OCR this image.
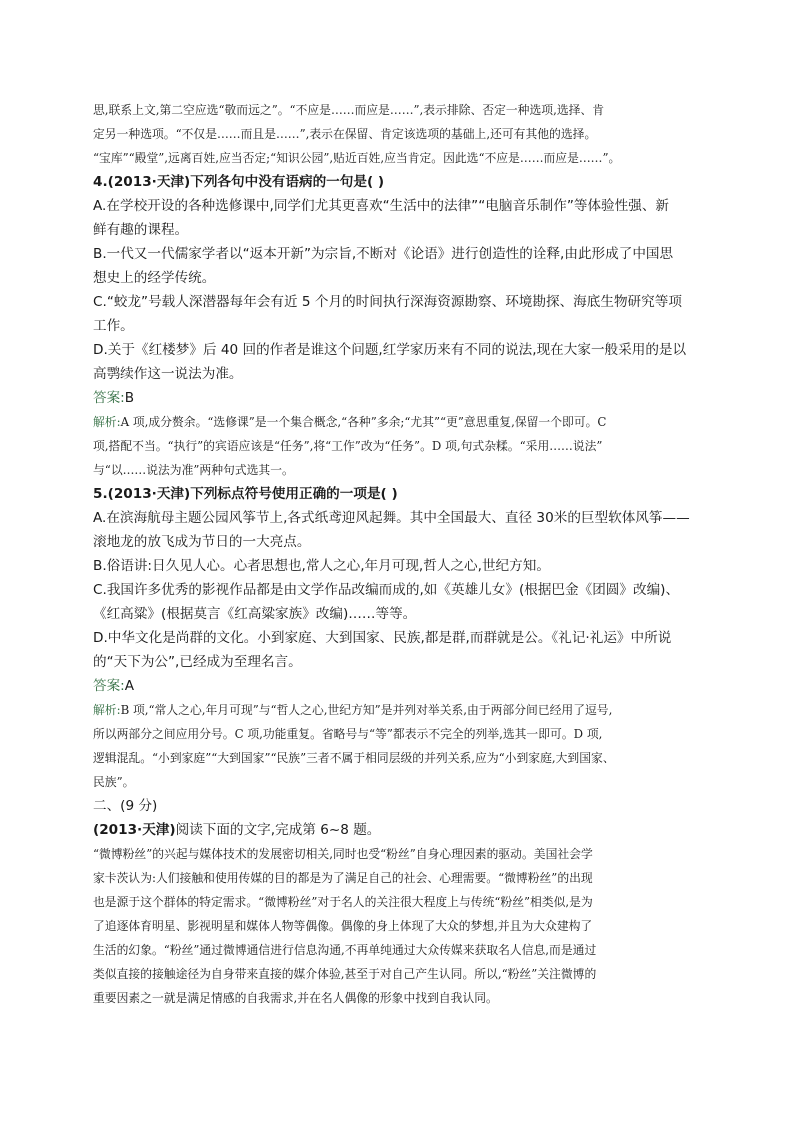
思,联系上文,第二空应选“敬而远之”。“不应是……而应是……”,表示排除、否定一种选项,选择、肯
定另一种选项。“不仅是……而且是……”,表示在保留、肯定该选项的基础上,还可有其他的选择。
“宝库”“殿堂”,远离百姓,应当否定;“知识公园”,贴近百姓,应当肯定。因此选“不应是……而应是……”。
4.(2013·天津)下列各句中没有语病的一句是( )
A.在学校开设的各种选修课中,同学们尤其更喜欢“生活中的法律”“电脑音乐制作”等体验性强、新
鲜有趣的课程。
B.一代又一代儒家学者以“返本开新”为宗旨,不断对《论语》进行创造性的诠释,由此形成了中国思
想史上的经学传统。
C.“蛟龙”号载人深潜器每年会有近 5 个月的时间执行深海资源勘察、环境勘探、海底生物研究等项
工作。
D.关于《红楼梦》后 40 回的作者是谁这个问题,红学家历来有不同的说法,现在大家一般采用的是以
高鹗续作这一说法为准。
答案:B
解析:A 项,成分赘余。“选修课”是一个集合概念,“各种”多余;“尤其”“更”意思重复,保留一个即可。C
项,搭配不当。“执行”的宾语应该是“任务”,将“工作”改为“任务”。D 项,句式杂糅。“采用……说法”
与“以……说法为准”两种句式选其一。
5.(2013·天津)下列标点符号使用正确的一项是( )
A.在滨海航母主题公园风筝节上,各式纸鸢迎风起舞。其中全国最大、直径 30米的巨型软体风筝——
滚地龙的放飞成为节日的一大亮点。
B.俗语讲:日久见人心。心者思想也,常人之心,年月可现,哲人之心,世纪方知。
C.我国许多优秀的影视作品都是由文学作品改编而成的,如《英雄儿女》(根据巴金《团圆》改编)、
《红高粱》(根据莫言《红高粱家族》改编)……等等。
D.中华文化是尚群的文化。小到家庭、大到国家、民族,都是群,而群就是公。《礼记·礼运》中所说
的“天下为公”,已经成为至理名言。
答案:A
解析:B 项,“常人之心,年月可现”与“哲人之心,世纪方知”是并列对举关系,由于两部分间已经用了逗号,
所以两部分之间应用分号。C 项,功能重复。省略号与“等”都表示不完全的列举,选其一即可。D 项,
逻辑混乱。“小到家庭”“大到国家”“民族”三者不属于相同层级的并列关系,应为“小到家庭,大到国家、
民族”。
二、(9 分)
(2013·天津)阅读下面的文字,完成第 6~8 题。
“微博粉丝”的兴起与媒体技术的发展密切相关,同时也受“粉丝”自身心理因素的驱动。美国社会学
家卡茨认为:人们接触和使用传媒的目的都是为了满足自己的社会、心理需要。“微博粉丝”的出现
也是源于这个群体的特定需求。“微博粉丝”对于名人的关注很大程度上与传统“粉丝”相类似,是为
了追逐体育明星、影视明星和媒体人物等偶像。偶像的身上体现了大众的梦想,并且为大众建构了
生活的幻象。“粉丝”通过微博通信进行信息沟通,不再单纯通过大众传媒来获取名人信息,而是通过
类似直接的接触途径为自身带来直接的媒介体验,甚至于对自己产生认同。所以,“粉丝”关注微博的
重要因素之一就是满足情感的自我需求,并在名人偶像的形象中找到自我认同。
